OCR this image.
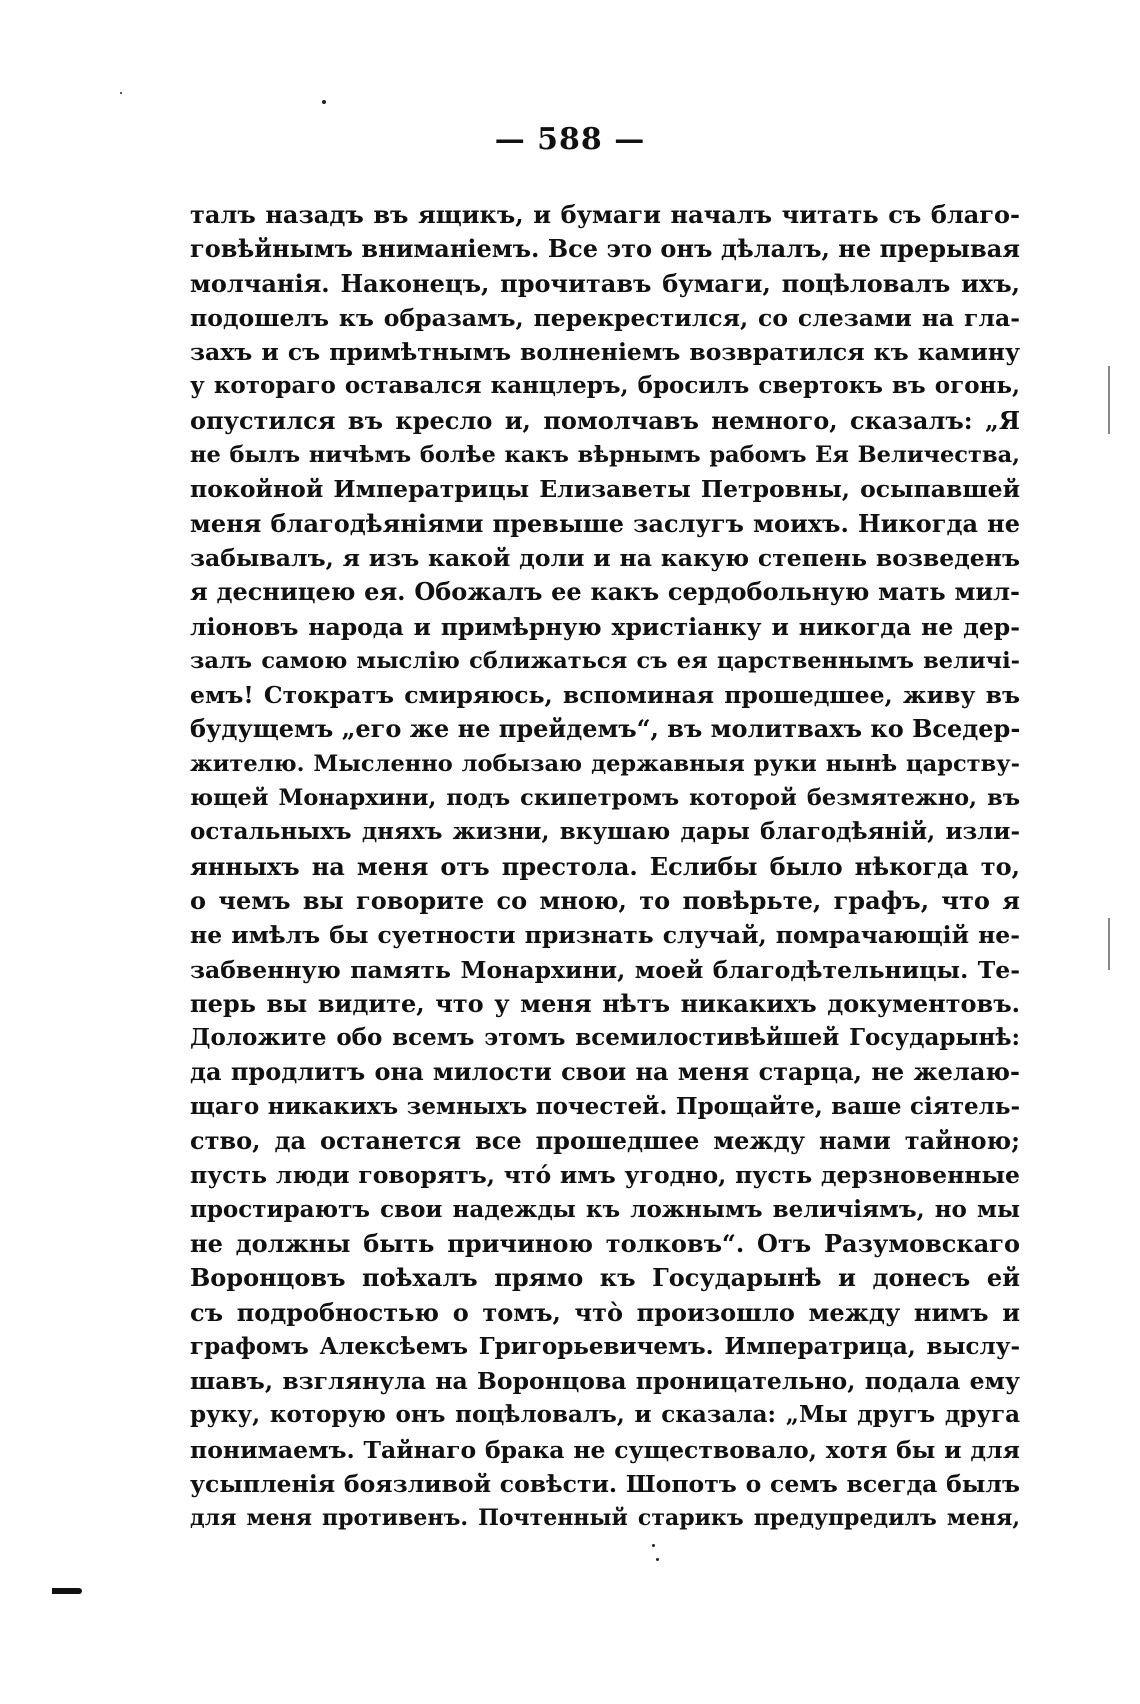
— 588 —
талъ назадъ въ ящикъ, и бумаги началъ читать съ благо-
говѣйнымъ вниманіемъ. Все это онъ дѣлалъ, не прерывая
молчанія. Наконецъ, прочитавъ бумаги, поцѣловалъ ихъ,
подошелъ къ образамъ, перекрестился, со слезами на гла-
захъ и съ примѣтнымъ волненіемъ возвратился къ камину
у котораго оставался канцлеръ, бросилъ свертокъ въ огонь,
опустился въ кресло и, помолчавъ немного, сказалъ: „Я
не былъ ничѣмъ болѣе какъ вѣрнымъ рабомъ Ея Величества,
покойной Императрицы Елизаветы Петровны, осыпавшей
меня благодѣяніями превыше заслугъ моихъ. Никогда не
забывалъ, я изъ какой доли и на какую степень возведенъ
я десницею ея. Обожалъ ее какъ сердобольную мать мил-
ліоновъ народа и примѣрную христіанку и никогда не дер-
залъ самою мыслію сближаться съ ея царственнымъ величі-
емъ! Стократъ смиряюсь, вспоминая прошедшее, живу въ
будущемъ „его же не прейдемъ“, въ молитвахъ ко Вседер-
жителю. Мысленно лобызаю державныя руки нынѣ царству-
ющей Монархини, подъ скипетромъ которой безмятежно, въ
остальныхъ дняхъ жизни, вкушаю дары благодѣяній, изли-
янныхъ на меня отъ престола. Еслибы было нѣкогда то,
о чемъ вы говорите со мною, то повѣрьте, графъ, что я
не имѣлъ бы суетности признать случай, помрачающій не-
забвенную память Монархини, моей благодѣтельницы. Те-
перь вы видите, что у меня нѣтъ никакихъ документовъ.
Доложите обо всемъ этомъ всемилостивѣйшей Государынѣ:
да продлитъ она милости свои на меня старца, не желаю-
щаго никакихъ земныхъ почестей. Прощайте, ваше сіятель-
ство, да останется все прошедшее между нами тайною;
пусть люди говорятъ, что́ имъ угодно, пусть дерзновенные
простираютъ свои надежды къ ложнымъ величіямъ, но мы
не должны быть причиною толковъ“. Отъ Разумовскаго
Воронцовъ поѣхалъ прямо къ Государынѣ и донесъ ей
съ подробностью о томъ, что̀ произошло между нимъ и
графомъ Алексѣемъ Григорьевичемъ. Императрица, выслу-
шавъ, взглянула на Воронцова проницательно, подала ему
руку, которую онъ поцѣловалъ, и сказала: „Мы другъ друга
понимаемъ. Тайнаго брака не существовало, хотя бы и для
усыпленія боязливой совѣсти. Шопотъ о семъ всегда былъ
для меня противенъ. Почтенный старикъ предупредилъ меня,
